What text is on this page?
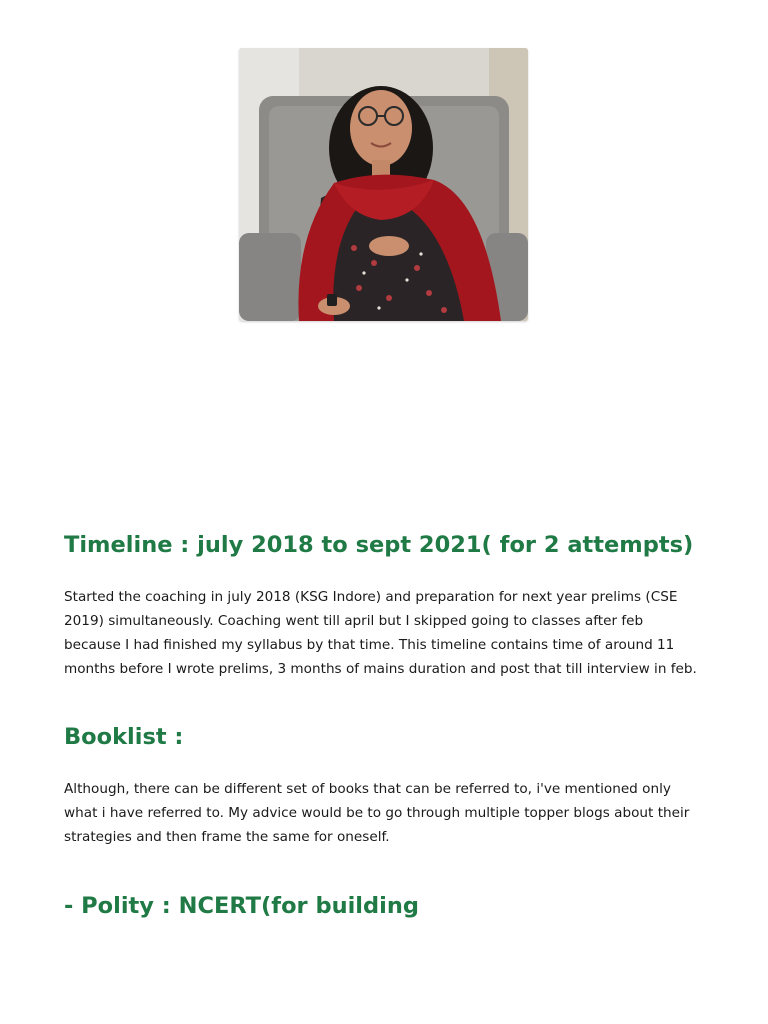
Timeline : july 2018 to sept 2021( for 2 attempts)

Started the coaching in july 2018 (KSG Indore) and preparation for next year prelims (CSE 2019) simultaneously. Coaching went till april but I skipped going to classes after feb because I had finished my syllabus by that time. This timeline contains time of around 11 months before I wrote prelims, 3 months of mains duration and post that till interview in feb.

Booklist :

Although, there can be different set of books that can be referred to, i've mentioned only what i have referred to. My advice would be to go through multiple topper blogs about their strategies and then frame the same for oneself.

- Polity : NCERT(for building
